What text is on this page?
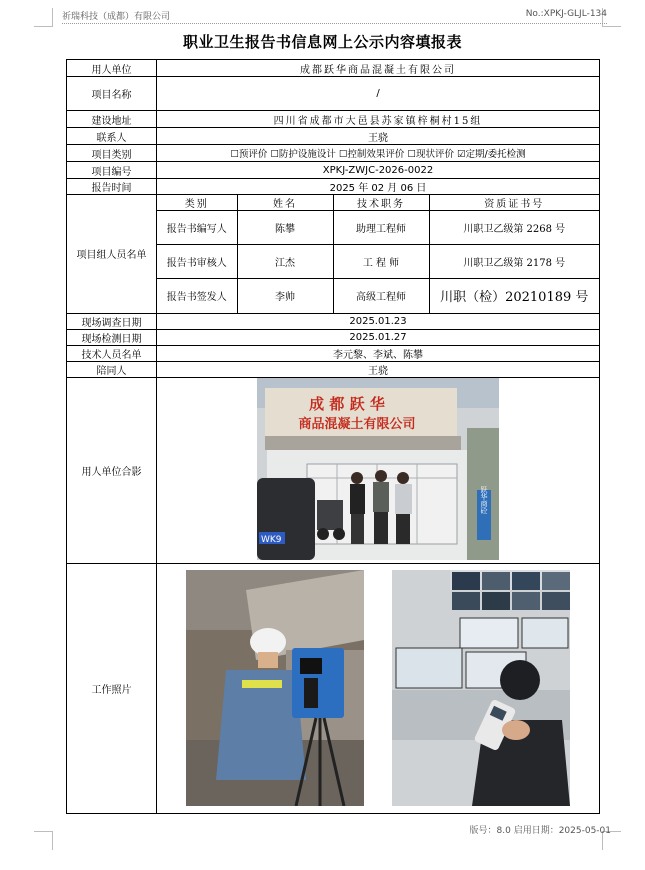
祈瑞科技（成都）有限公司	No.:XPKJ-GLJL-134
职业卫生报告书信息网上公示内容填报表
用人单位	成都跃华商品混凝土有限公司
项目名称	/
建设地址	四川省成都市大邑县苏家镇梓桐村15组
联系人	王骁
项目类别	☐预评价 ☐防护设施设计 ☐控制效果评价 ☐现状评价 ☑定期/委托检测
项目编号	XPKJ-ZWJC-2026-0022
报告时间	2025 年 02 月 06 日
项目组人员名单	
类别	姓名	技术职务	资质证书号
报告书编写人	陈攀	助理工程师	川职卫乙级第 2268 号
报告书审核人	江杰	工 程 师	川职卫乙级第 2178 号
报告书签发人	李帅	高级工程师	川职（检）20210189 号

现场调查日期	2025.01.23
现场检测日期	2025.01.27
技术人员名单	李元黎、李斌、陈攀
陪同人	王骁
用人单位合影	
成 都 跃 华
商品混凝土有限公司
跃华商砼
WK9

工作照片	
版号：8.0 启用日期：2025-05-01
